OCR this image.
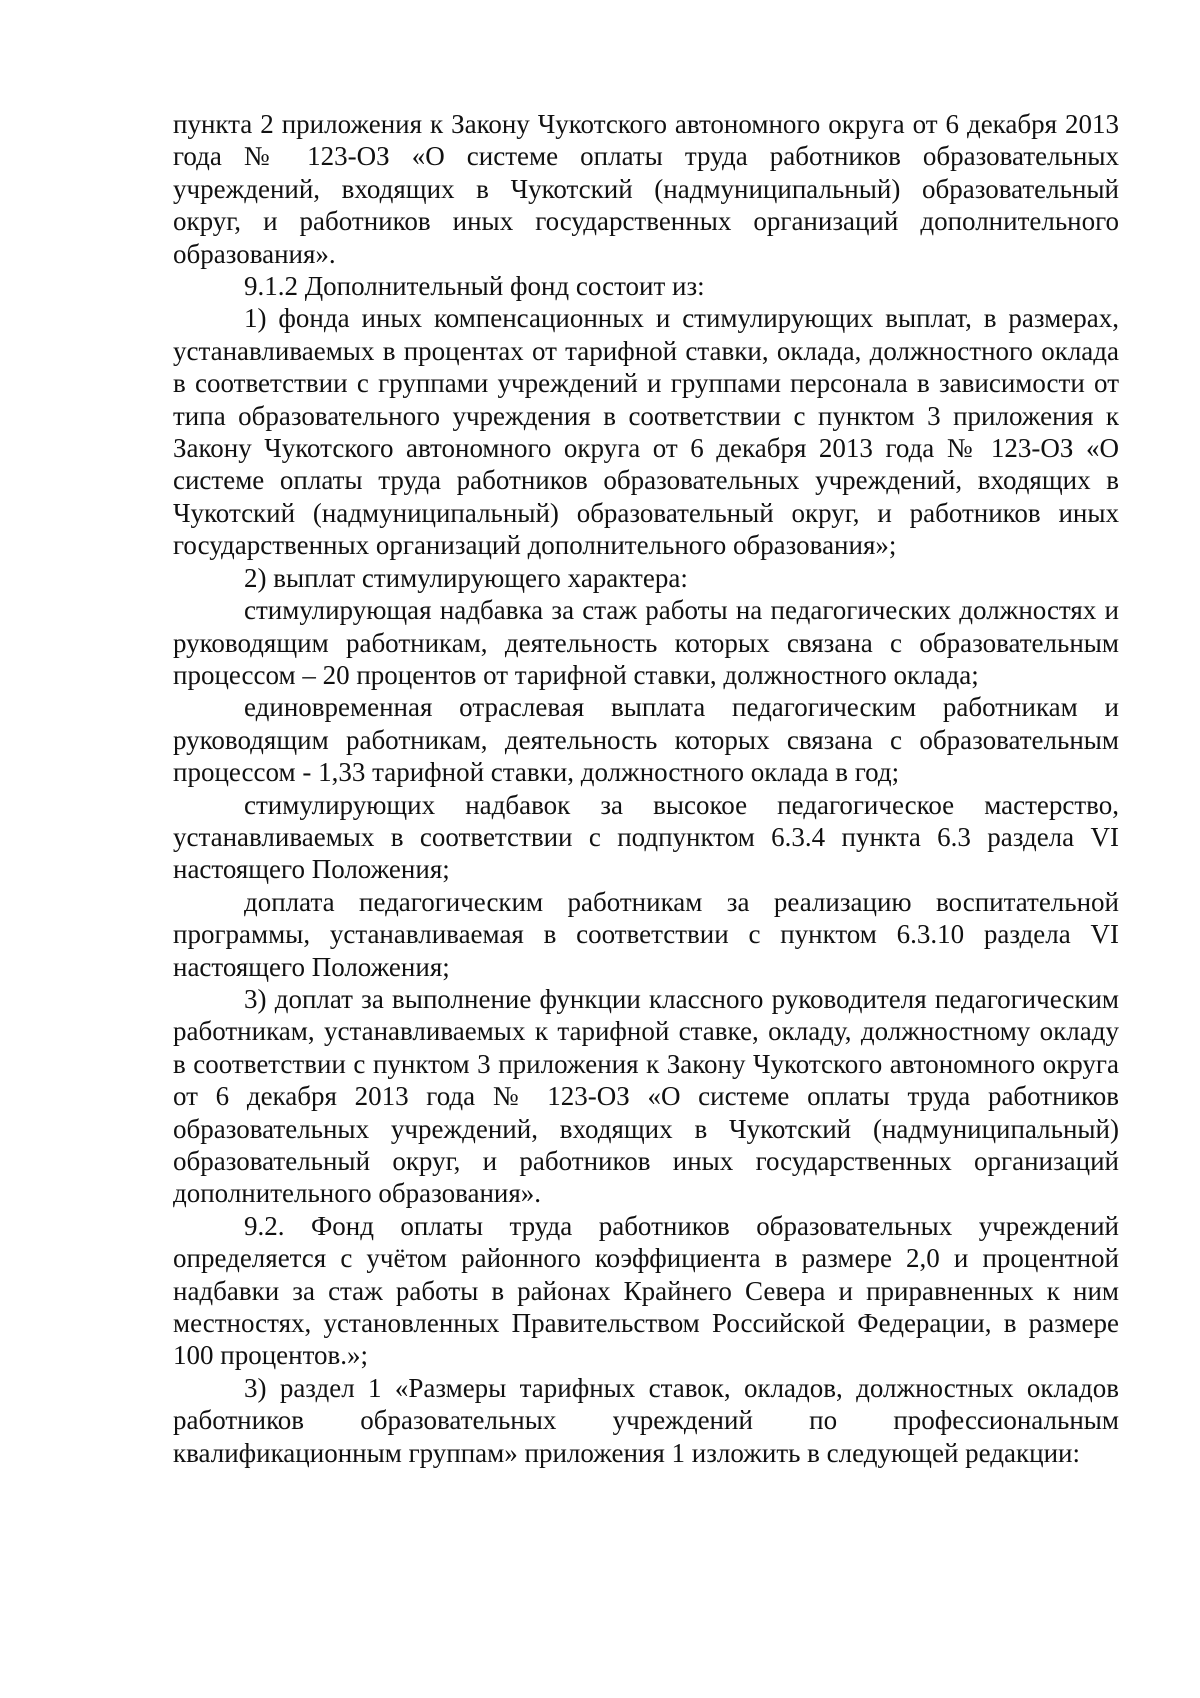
пункта 2 приложения к Закону Чукотского автономного округа от 6 декабря 2013 года № 123-ОЗ «О системе оплаты труда работников образовательных учреждений, входящих в Чукотский (надмуниципальный) образовательный округ, и работников иных государственных организаций дополнительного образования».

9.1.2 Дополнительный фонд состоит из:

1) фонда иных компенсационных и стимулирующих выплат, в размерах, устанавливаемых в процентах от тарифной ставки, оклада, должностного оклада в соответствии с группами учреждений и группами персонала в зависимости от типа образовательного учреждения в соответствии с пунктом 3 приложения к Закону Чукотского автономного округа от 6 декабря 2013 года № 123-ОЗ «О системе оплаты труда работников образовательных учреждений, входящих в Чукотский (надмуниципальный) образовательный округ, и работников иных государственных организаций дополнительного образования»;

2) выплат стимулирующего характера:

стимулирующая надбавка за стаж работы на педагогических должностях и руководящим работникам, деятельность которых связана с образовательным процессом – 20 процентов от тарифной ставки, должностного оклада;

единовременная отраслевая выплата педагогическим работникам и руководящим работникам, деятельность которых связана с образовательным процессом - 1,33 тарифной ставки, должностного оклада в год;

стимулирующих надбавок за высокое педагогическое мастерство, устанавливаемых в соответствии с подпунктом 6.3.4 пункта 6.3 раздела VI настоящего Положения;

доплата педагогическим работникам за реализацию воспитательной программы, устанавливаемая в соответствии с пунктом 6.3.10 раздела VI настоящего Положения;

3) доплат за выполнение функции классного руководителя педагогическим работникам, устанавливаемых к тарифной ставке, окладу, должностному окладу в соответствии с пунктом 3 приложения к Закону Чукотского автономного округа от 6 декабря 2013 года № 123-ОЗ «О системе оплаты труда работников образовательных учреждений, входящих в Чукотский (надмуниципальный) образовательный округ, и работников иных государственных организаций дополнительного образования».

9.2. Фонд оплаты труда работников образовательных учреждений определяется с учётом районного коэффициента в размере 2,0 и процентной надбавки за стаж работы в районах Крайнего Севера и приравненных к ним местностях, установленных Правительством Российской Федерации, в размере 100 процентов.»;

3) раздел 1 «Размеры тарифных ставок, окладов, должностных окладов работников образовательных учреждений по профессиональным квалификационным группам» приложения 1 изложить в следующей редакции:
